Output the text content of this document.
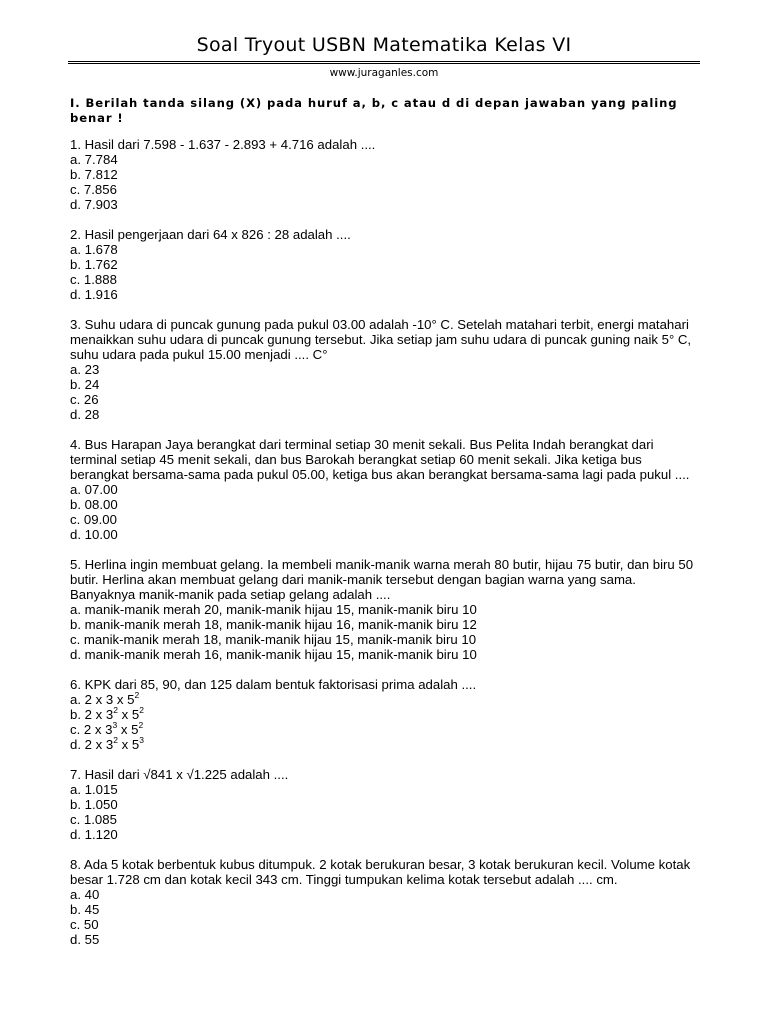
Soal Tryout USBN Matematika Kelas VI
www.juraganles.com
I. Berilah tanda silang (X) pada huruf a, b, c atau d di depan jawaban yang paling benar !

1. Hasil dari 7.598 - 1.637 - 2.893 + 4.716 adalah ....

a. 7.784

b. 7.812

c. 7.856

d. 7.903

2. Hasil pengerjaan dari 64 x 826 : 28 adalah ....

a. 1.678

b. 1.762

c. 1.888

d. 1.916

3. Suhu udara di puncak gunung pada pukul 03.00 adalah -10° C. Setelah matahari terbit, energi matahari menaikkan suhu udara di puncak gunung tersebut. Jika setiap jam suhu udara di puncak guning naik 5° C, suhu udara pada pukul 15.00 menjadi .... C°

a. 23

b. 24

c. 26

d. 28

4. Bus Harapan Jaya berangkat dari terminal setiap 30 menit sekali. Bus Pelita Indah berangkat dari terminal setiap 45 menit sekali, dan bus Barokah berangkat setiap 60 menit sekali. Jika ketiga bus berangkat bersama-sama pada pukul 05.00, ketiga bus akan berangkat bersama-sama lagi pada pukul ....

a. 07.00

b. 08.00

c. 09.00

d. 10.00

5. Herlina ingin membuat gelang. Ia membeli manik-manik warna merah 80 butir, hijau 75 butir, dan biru 50 butir. Herlina akan membuat gelang dari manik-manik tersebut dengan bagian warna yang sama. Banyaknya manik-manik pada setiap gelang adalah ....

a. manik-manik merah 20, manik-manik hijau 15, manik-manik biru 10

b. manik-manik merah 18, manik-manik hijau 16, manik-manik biru 12

c. manik-manik merah 18, manik-manik hijau 15, manik-manik biru 10

d. manik-manik merah 16, manik-manik hijau 15, manik-manik biru 10

6. KPK dari 85, 90, dan 125 dalam bentuk faktorisasi prima adalah ....

a. 2 x 3 x $5^2$

b. 2 x $3^2$ x $5^2$

c. 2 x $3^3$ x $5^2$

d. 2 x $3^2$ x $5^3$

7. Hasil dari √841 x √1.225 adalah ....

a. 1.015

b. 1.050

c. 1.085

d. 1.120

8. Ada 5 kotak berbentuk kubus ditumpuk. 2 kotak berukuran besar, 3 kotak berukuran kecil. Volume kotak besar 1.728 cm dan kotak kecil 343 cm. Tinggi tumpukan kelima kotak tersebut adalah .... cm.

a. 40

b. 45

c. 50

d. 55
